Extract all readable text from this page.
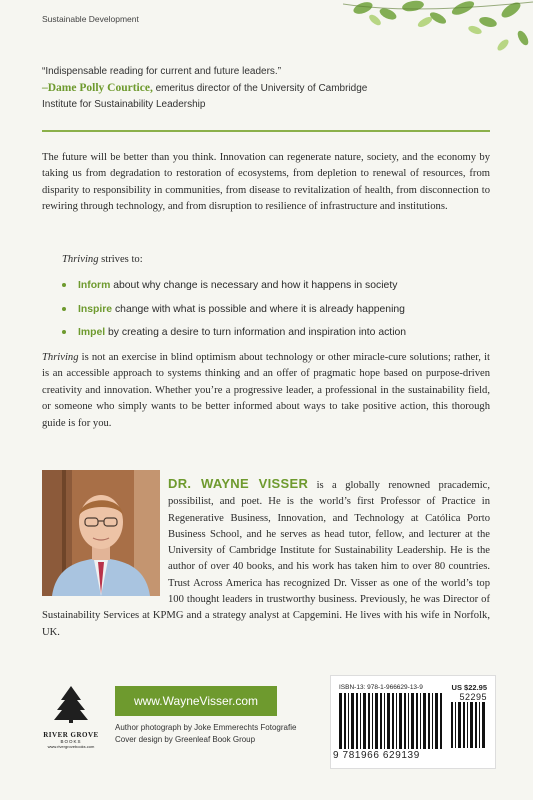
Sustainable Development
“Indispensable reading for current and future leaders.”
–Dame Polly Courtice, emeritus director of the University of Cambridge
Institute for Sustainability Leadership
The future will be better than you think. Innovation can regenerate nature, society, and the economy by taking us from degradation to restoration of ecosystems, from depletion to renewal of resources, from disparity to responsibility in communities, from disease to revitalization of health, from disconnection to rewiring through technology, and from disruption to resilience of infrastructure and institutions.
Thriving strives to:
Inform about why change is necessary and how it happens in society
Inspire change with what is possible and where it is already happening
Impel by creating a desire to turn information and inspiration into action
Thriving is not an exercise in blind optimism about technology or other miracle-cure solutions; rather, it is an accessible approach to systems thinking and an offer of pragmatic hope based on purpose-driven creativity and innovation. Whether you’re a progressive leader, a professional in the sustainability field, or someone who simply wants to be better informed about ways to take positive action, this thorough guide is for you.
DR. WAYNE VISSER is a globally renowned pracademic, possibilist, and poet. He is the world’s first Professor of Practice in Regenerative Business, Innovation, and Technology at Católica Porto Business School, and he serves as head tutor, fellow, and lecturer at the University of Cambridge Institute for Sustainability Leadership. He is the author of over 40 books, and his work has taken him to over 80 countries. Trust Across America has recognized Dr. Visser as one of the world’s top 100 thought leaders in trustworthy business. Previously, he was Director of Sustainability Services at KPMG and a strategy analyst at Capgemini. He lives with his wife in Norfolk, UK.
RIVER GROVE
BOOKS
www.rivergrovebooks.com
www.WayneVisser.com
Author photograph by Joke Emmerechts Fotografie
Cover design by Greenleaf Book Group
ISBN-13: 978-1-966629-13-9	US $22.95
52295
9 781966 629139
